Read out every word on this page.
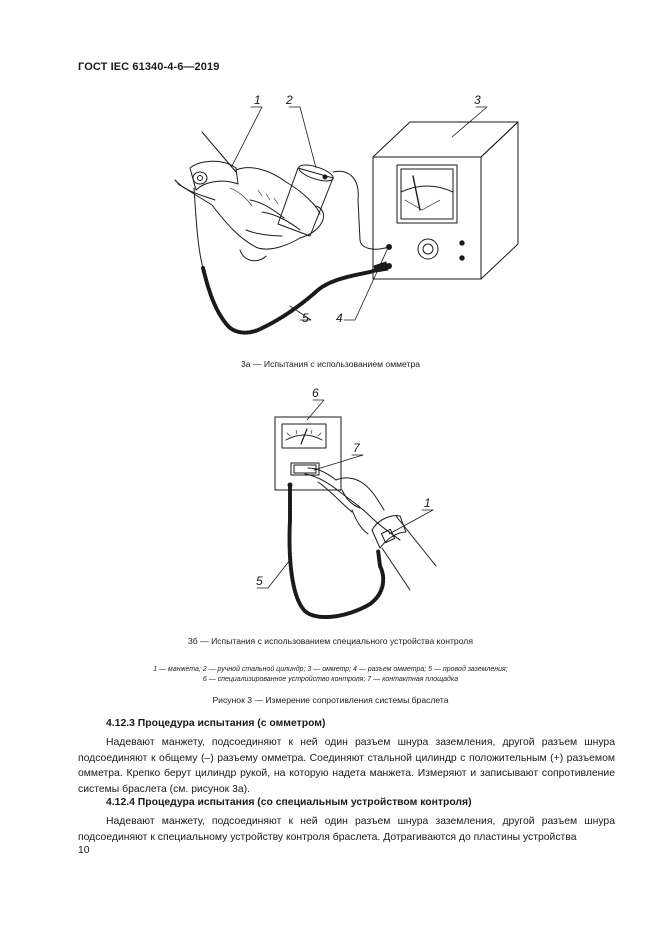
ГОСТ IEC 61340-4-6—2019
1 2	3
4
5
6
7
1
5
3а — Испытания с использованием омметра
3б — Испытания с использованием специального устройства контроля
1 — манжета; 2 — ручной стальной цилиндр; 3 — омметр; 4 — разъем омметра; 5 — провод заземления;
6 — специализированное устройство контроля; 7 — контактная площадка
Рисунок 3 — Измерение сопротивления системы браслета
4.12.3 Процедура испытания (с омметром)

Надевают манжету, подсоединяют к ней один разъем шнура заземления, другой разъем шнура подсоединяют к общему (–) разъему омметра. Соединяют стальной цилиндр с положительным (+) разъемом омметра. Крепко берут цилиндр рукой, на которую надета манжета. Измеряют и записывают сопротивление системы браслета (см. рисунок 3а).

4.12.4 Процедура испытания (со специальным устройством контроля)

Надевают манжету, подсоединяют к ней один разъем шнура заземления, другой разъем шнура подсоединяют к специальному устройству контроля браслета. Дотрагиваются до пластины устройства

10
